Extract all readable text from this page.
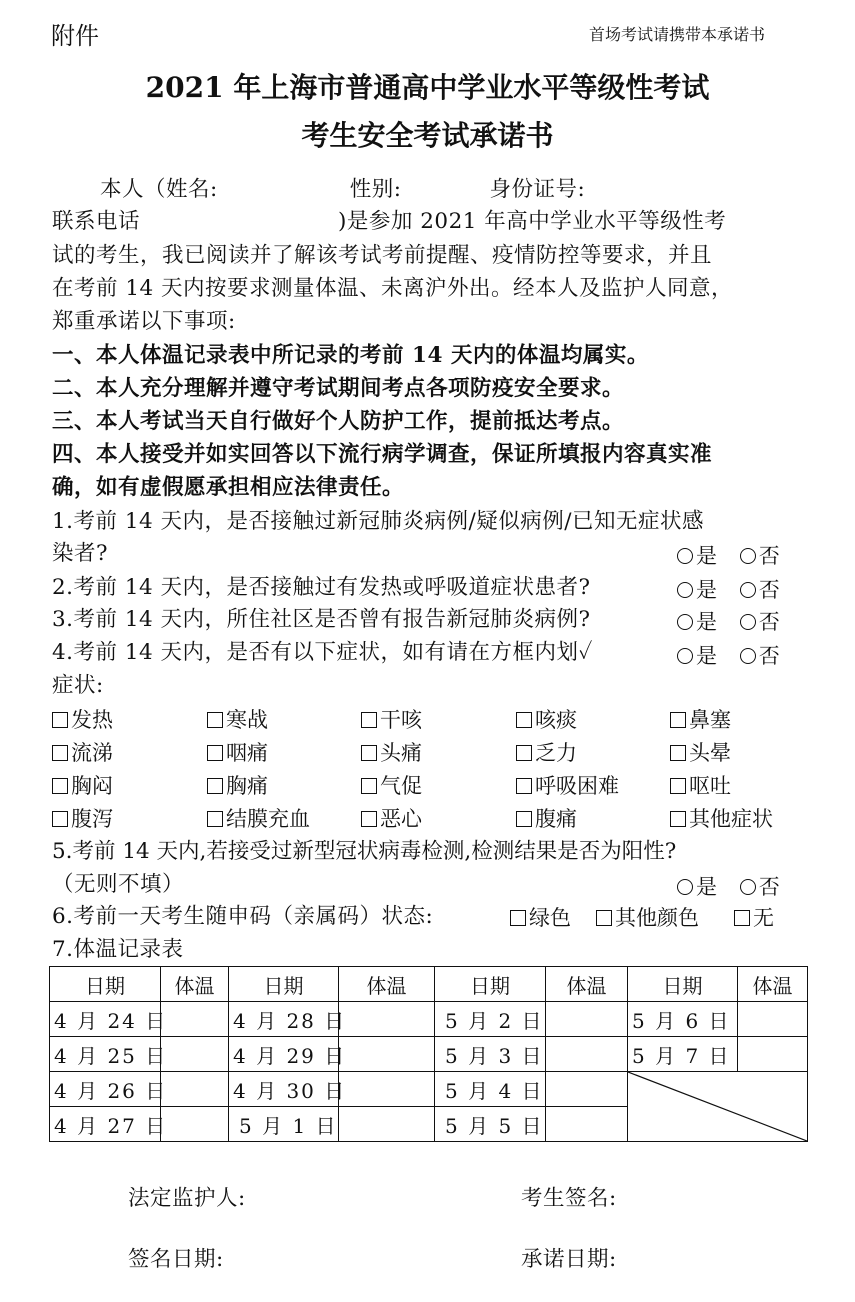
附件	首场考试请携带本承诺书
2021 年上海市普通高中学业水平等级性考试
考生安全考试承诺书
本人（姓名:　　　　　　性别:　　　　身份证号:
联系电话　　　　　　　　　)是参加 2021 年高中学业水平等级性考
试的考生，我已阅读并了解该考试考前提醒、疫情防控等要求，并且
在考前 14 天内按要求测量体温、未离沪外出。经本人及监护人同意，
郑重承诺以下事项:
一、本人体温记录表中所记录的考前 14 天内的体温均属实。
二、本人充分理解并遵守考试期间考点各项防疫安全要求。
三、本人考试当天自行做好个人防护工作，提前抵达考点。
四、本人接受并如实回答以下流行病学调查，保证所填报内容真实准
确，如有虚假愿承担相应法律责任。
1.考前 14 天内，是否接触过新冠肺炎病例/疑似病例/已知无症状感
染者?	是 否
2.考前 14 天内，是否接触过有发热或呼吸道症状患者?	是 否
3.考前 14 天内，所住社区是否曾有报告新冠肺炎病例?	是 否
4.考前 14 天内，是否有以下症状，如有请在方框内划✓	是 否
症状:
发热	寒战	干咳	咳痰	鼻塞
流涕	咽痛	头痛	乏力	头晕
胸闷	胸痛	气促	呼吸困难	呕吐
腹泻	结膜充血	恶心	腹痛	其他症状
5.考前 14 天内,若接受过新型冠状病毒检测,检测结果是否为阳性?
（无则不填）	是 否
6.考前一天考生随申码（亲属码）状态:	绿色	其他颜色	无
7.体温记录表
日期	体温	日期	体温	日期	体温	日期	体温
4 月 24 日		4 月 28 日		5 月 2 日		5 月 6 日	
4 月 25 日		4 月 29 日		5 月 3 日		5 月 7 日	
4 月 26 日		4 月 30 日		5 月 4 日		

4 月 27 日		5 月 1 日		5 月 5 日			
法定监护人:	考生签名:
签名日期:	承诺日期:
